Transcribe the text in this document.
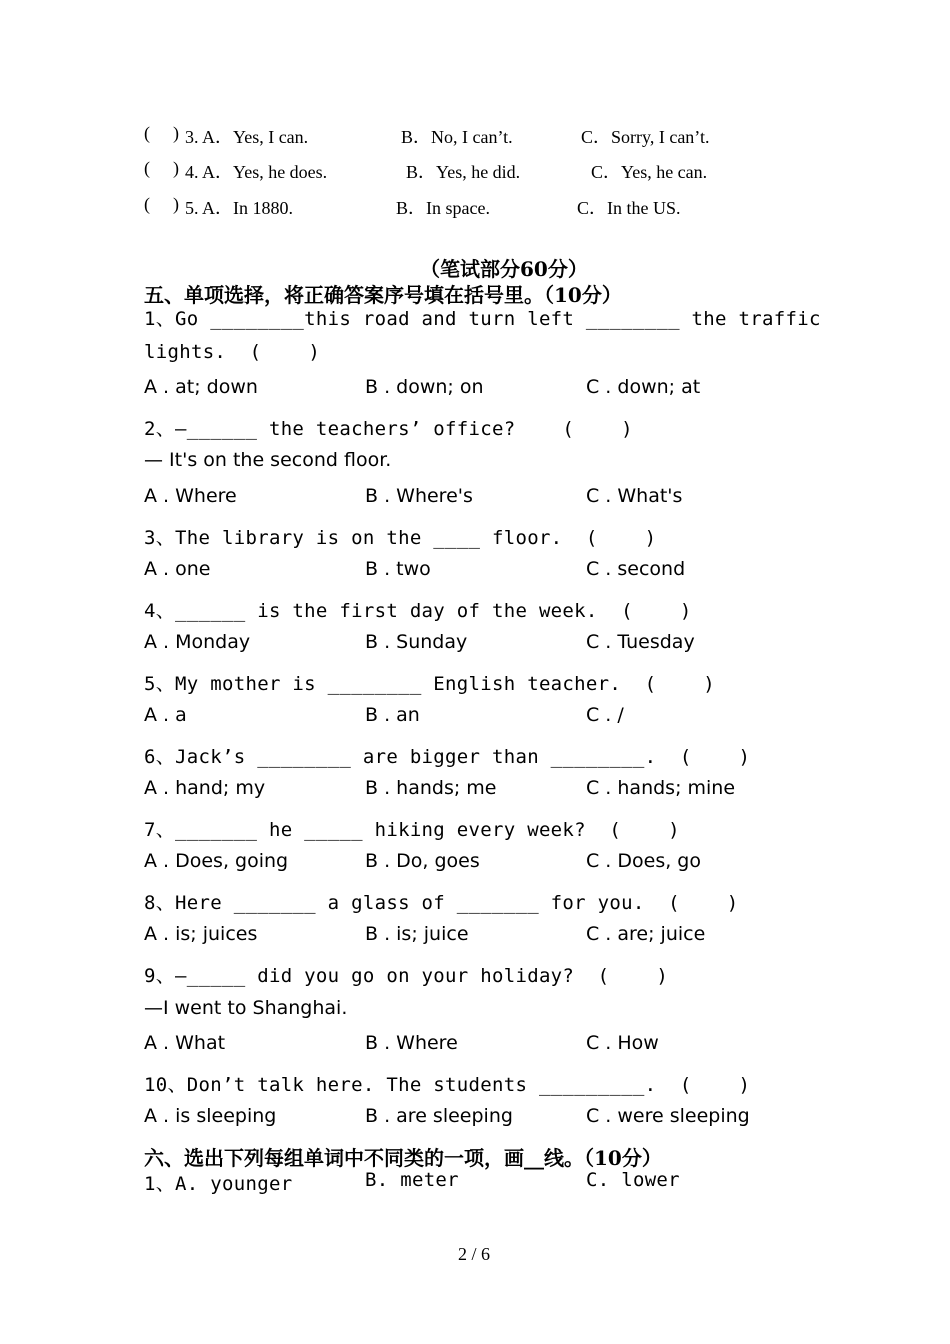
( ) 3. A．Yes, I can.	B．No, I can’t.	C．Sorry, I can’t.
( ) 4. A．Yes, he does.	B．Yes, he did.	C．Yes, he can.
( ) 5. A．In 1880.	B．In space.	C．In the US.
（笔试部分60分）
五、单项选择，将正确答案序号填在括号里。（10分）
1、Go ________this road and turn left ________ the traffic
lights.  (    )
A . at; down	B . down; on	C . down; at
2、—______ the teachers’ office?    (    )
— It's on the second floor.
A . Where	B . Where's	C . What's
3、The library is on the ____ floor.  (    )
A . one	B . two	C . second
4、______ is the first day of the week.  (    )
A . Monday	B . Sunday	C . Tuesday
5、My mother is ________ English teacher.  (    )
A . a	B . an	C . /
6、Jack’s ________ are bigger than ________.  (    )
A . hand; my	B . hands; me	C . hands; mine
7、_______ he _____ hiking every week?  (    )
A . Does, going	B . Do, goes	C . Does, go
8、Here _______ a glass of _______ for you.  (    )
A . is; juices	B . is; juice	C . are; juice
9、—_____ did you go on your holiday?  (    )
—I went to Shanghai.
A . What	B . Where	C . How
10、Don’t talk here. The students _________.  (    )
A . is sleeping	B . are sleeping	C . were sleeping
六、选出下列每组单词中不同类的一项，画__线。（10分）
1、A. younger	B. meter	C. lower
2 / 6
